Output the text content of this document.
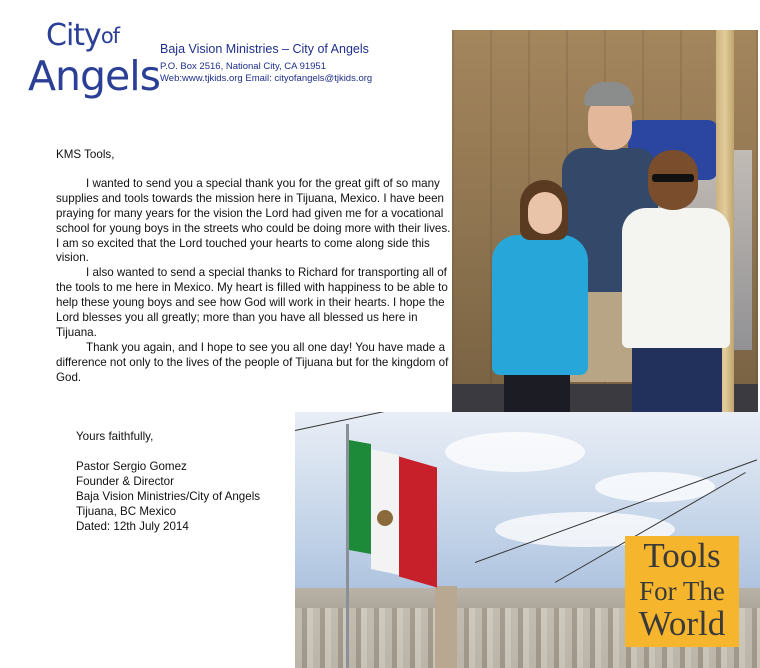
Cityof
Angels
Baja Vision Ministries – City of Angels
P.O. Box 2516, National City, CA 91951
Web:www.tjkids.org Email: cityofangels@tjkids.org

KMS Tools,

I wanted to send you a special thank you for the great gift of so many supplies and tools towards the mission here in Tijuana, Mexico. I have been praying for many years for the vision the Lord had given me for a vocational school for young boys in the streets who could be doing more with their lives. I am so excited that the Lord touched your hearts to come along side this vision.

I also wanted to send a special thanks to Richard for transporting all of the tools to me here in Mexico. My heart is filled with happiness to be able to help these young boys and see how God will work in their hearts. I hope the Lord blesses you all greatly; more than you have all blessed us here in Tijuana.

Thank you again, and I hope to see you all one day! You have made a difference not only to the lives of the people of Tijuana but for the kingdom of God.

Yours faithfully,
Pastor Sergio Gomez
Founder & Director
Baja Vision Ministries/City of Angels
Tijuana, BC Mexico
Dated: 12th July 2014
Tools
For The
World
